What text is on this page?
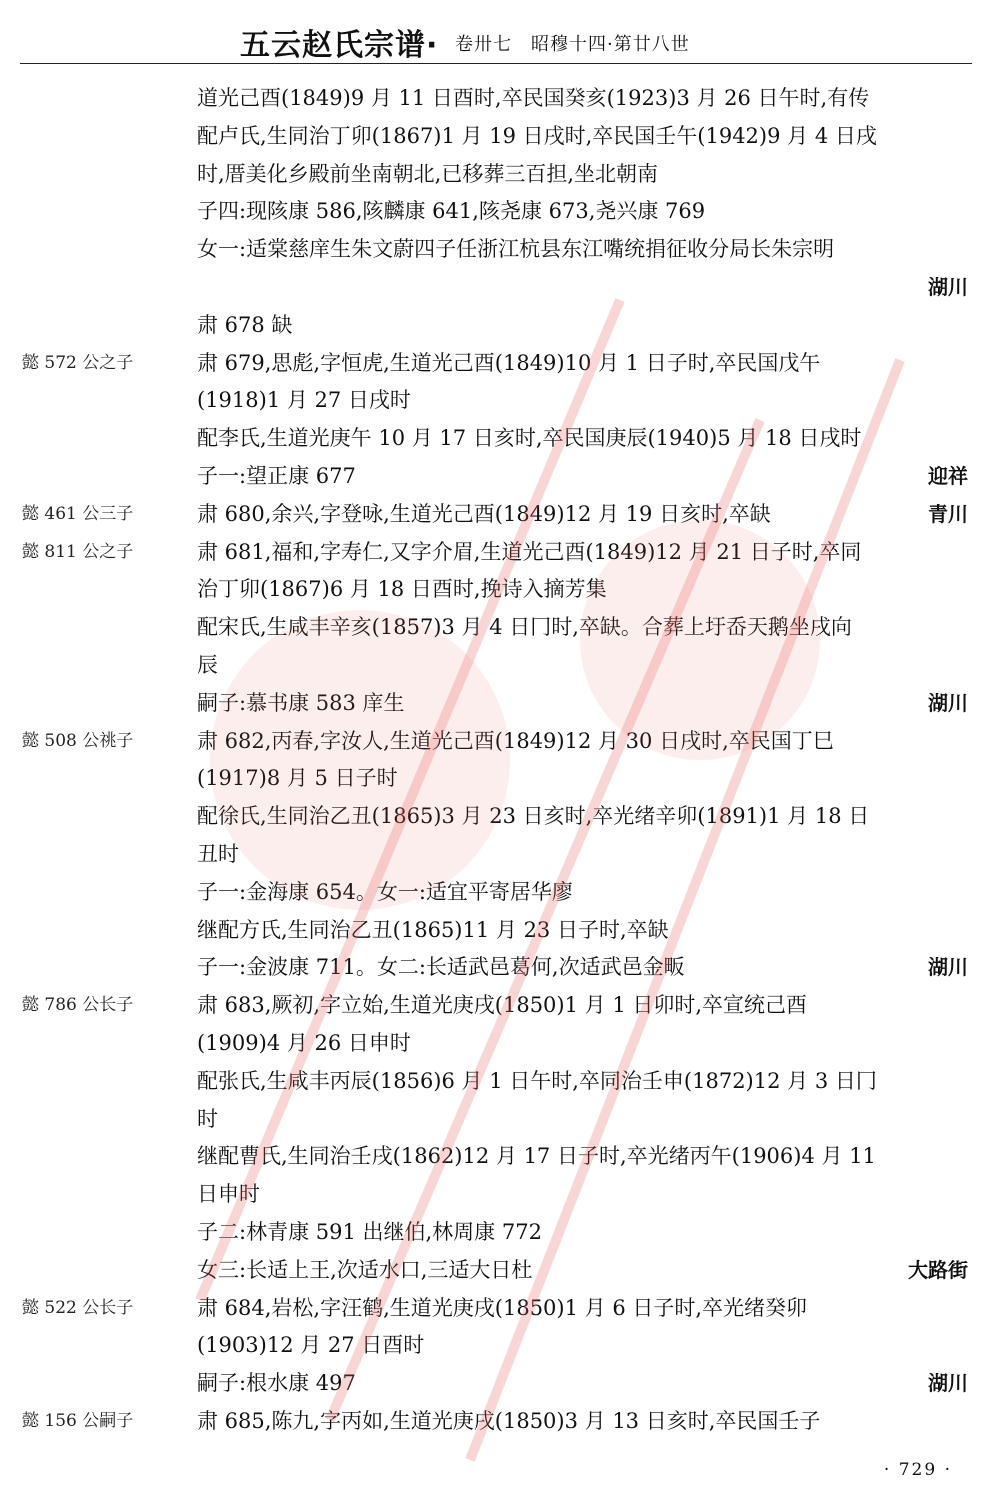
五云赵氏宗谱· 卷卅七　昭穆十四·第廿八世
道光己酉(1849)9 月 11 日酉时,卒民国癸亥(1923)3 月 26 日午时,有传
配卢氏,生同治丁卯(1867)1 月 19 日戌时,卒民国壬午(1942)9 月 4 日戌
时,厝美化乡殿前坐南朝北,已移葬三百担,坐北朝南
子四:现陔康 586,陔麟康 641,陔尧康 673,尧兴康 769
女一:适棠慈庠生朱文蔚四子任浙江杭县东江嘴统捐征收分局长朱宗明
湖川
肃 678 缺
懿 572 公之子	肃 679,思彪,字恒虎,生道光己酉(1849)10 月 1 日子时,卒民国戊午
(1918)1 月 27 日戌时
配李氏,生道光庚午 10 月 17 日亥时,卒民国庚辰(1940)5 月 18 日戌时
子一:望正康 677	迎祥
懿 461 公三子	肃 680,余兴,字登咏,生道光己酉(1849)12 月 19 日亥时,卒缺	青川
懿 811 公之子	肃 681,福和,字寿仁,又字介眉,生道光己酉(1849)12 月 21 日子时,卒同
治丁卯(1867)6 月 18 日酉时,挽诗入摘芳集
配宋氏,生咸丰辛亥(1857)3 月 4 日冂时,卒缺。合葬上圩岙天鹅坐戌向
辰
嗣子:慕书康 583 庠生	湖川
懿 508 公祧子	肃 682,丙春,字汝人,生道光己酉(1849)12 月 30 日戌时,卒民国丁巳
(1917)8 月 5 日子时
配徐氏,生同治乙丑(1865)3 月 23 日亥时,卒光绪辛卯(1891)1 月 18 日
丑时
子一:金海康 654。女一:适宜平寄居华廖
继配方氏,生同治乙丑(1865)11 月 23 日子时,卒缺
子一:金波康 711。女二:长适武邑葛何,次适武邑金畈	湖川
懿 786 公长子	肃 683,厥初,字立始,生道光庚戌(1850)1 月 1 日卯时,卒宣统己酉
(1909)4 月 26 日申时
配张氏,生咸丰丙辰(1856)6 月 1 日午时,卒同治壬申(1872)12 月 3 日冂
时
继配曹氏,生同治壬戌(1862)12 月 17 日子时,卒光绪丙午(1906)4 月 11
日申时
子二:林青康 591 出继伯,林周康 772
女三:长适上王,次适水口,三适大日杜	大路街
懿 522 公长子	肃 684,岩松,字汪鹤,生道光庚戌(1850)1 月 6 日子时,卒光绪癸卯
(1903)12 月 27 日酉时
嗣子:根水康 497	湖川
懿 156 公嗣子	肃 685,陈九,字丙如,生道光庚戌(1850)3 月 13 日亥时,卒民国壬子
· 729 ·
